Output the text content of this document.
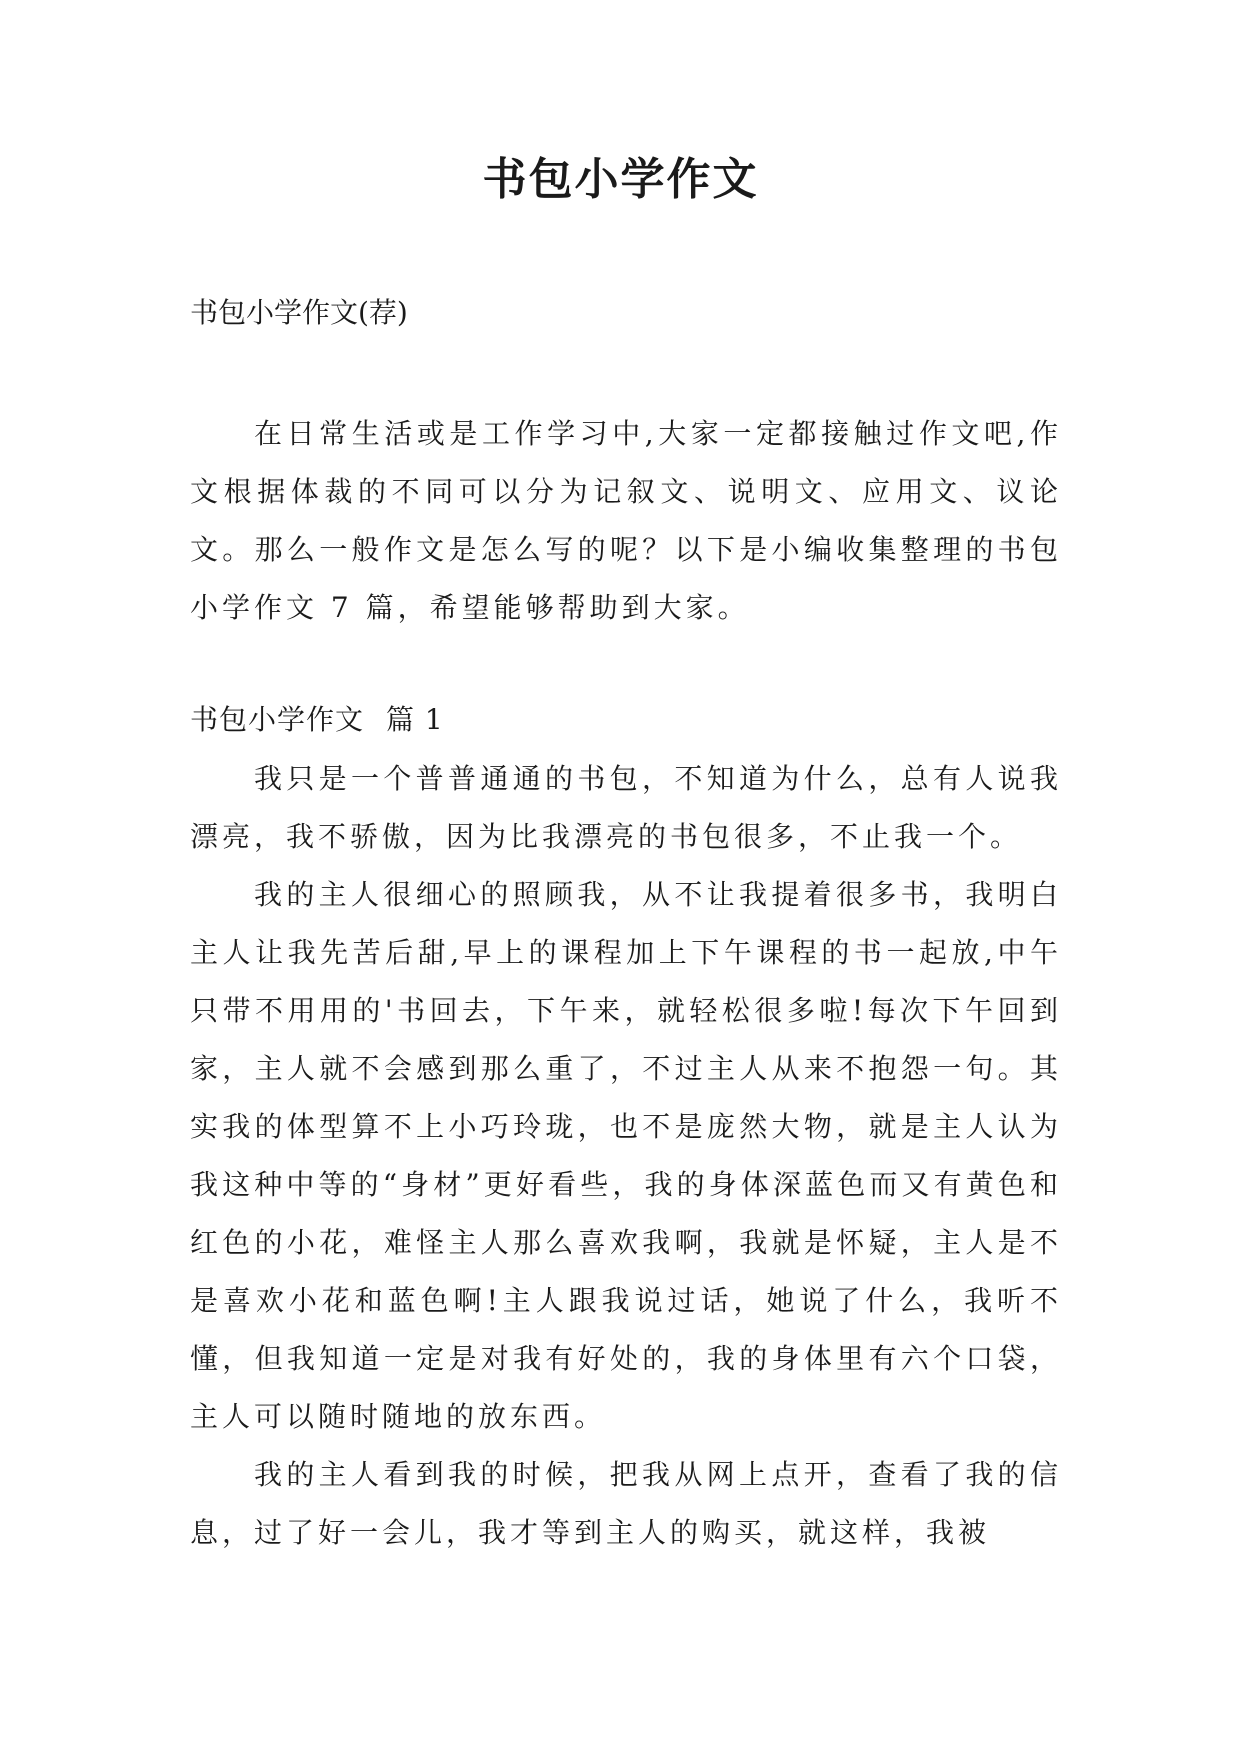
书包小学作文

书包小学作文(荐)

在日常生活或是工作学习中,大家一定都接触过作文吧,作文根据体裁的不同可以分为记叙文、说明文、应用文、议论文。那么一般作文是怎么写的呢？以下是小编收集整理的书包小学作文 7 篇，希望能够帮助到大家。

书包小学作文 篇 1

我只是一个普普通通的书包，不知道为什么，总有人说我漂亮，我不骄傲，因为比我漂亮的书包很多，不止我一个。

我的主人很细心的照顾我，从不让我提着很多书，我明白主人让我先苦后甜,早上的课程加上下午课程的书一起放,中午只带不用用的'书回去，下午来，就轻松很多啦!每次下午回到家，主人就不会感到那么重了，不过主人从来不抱怨一句。其实我的体型算不上小巧玲珑，也不是庞然大物，就是主人认为我这种中等的“身材”更好看些，我的身体深蓝色而又有黄色和红色的小花，难怪主人那么喜欢我啊，我就是怀疑，主人是不是喜欢小花和蓝色啊!主人跟我说过话，她说了什么，我听不懂，但我知道一定是对我有好处的，我的身体里有六个口袋，主人可以随时随地的放东西。

我的主人看到我的时候，把我从网上点开，查看了我的信息，过了好一会儿，我才等到主人的购买，就这样，我被
